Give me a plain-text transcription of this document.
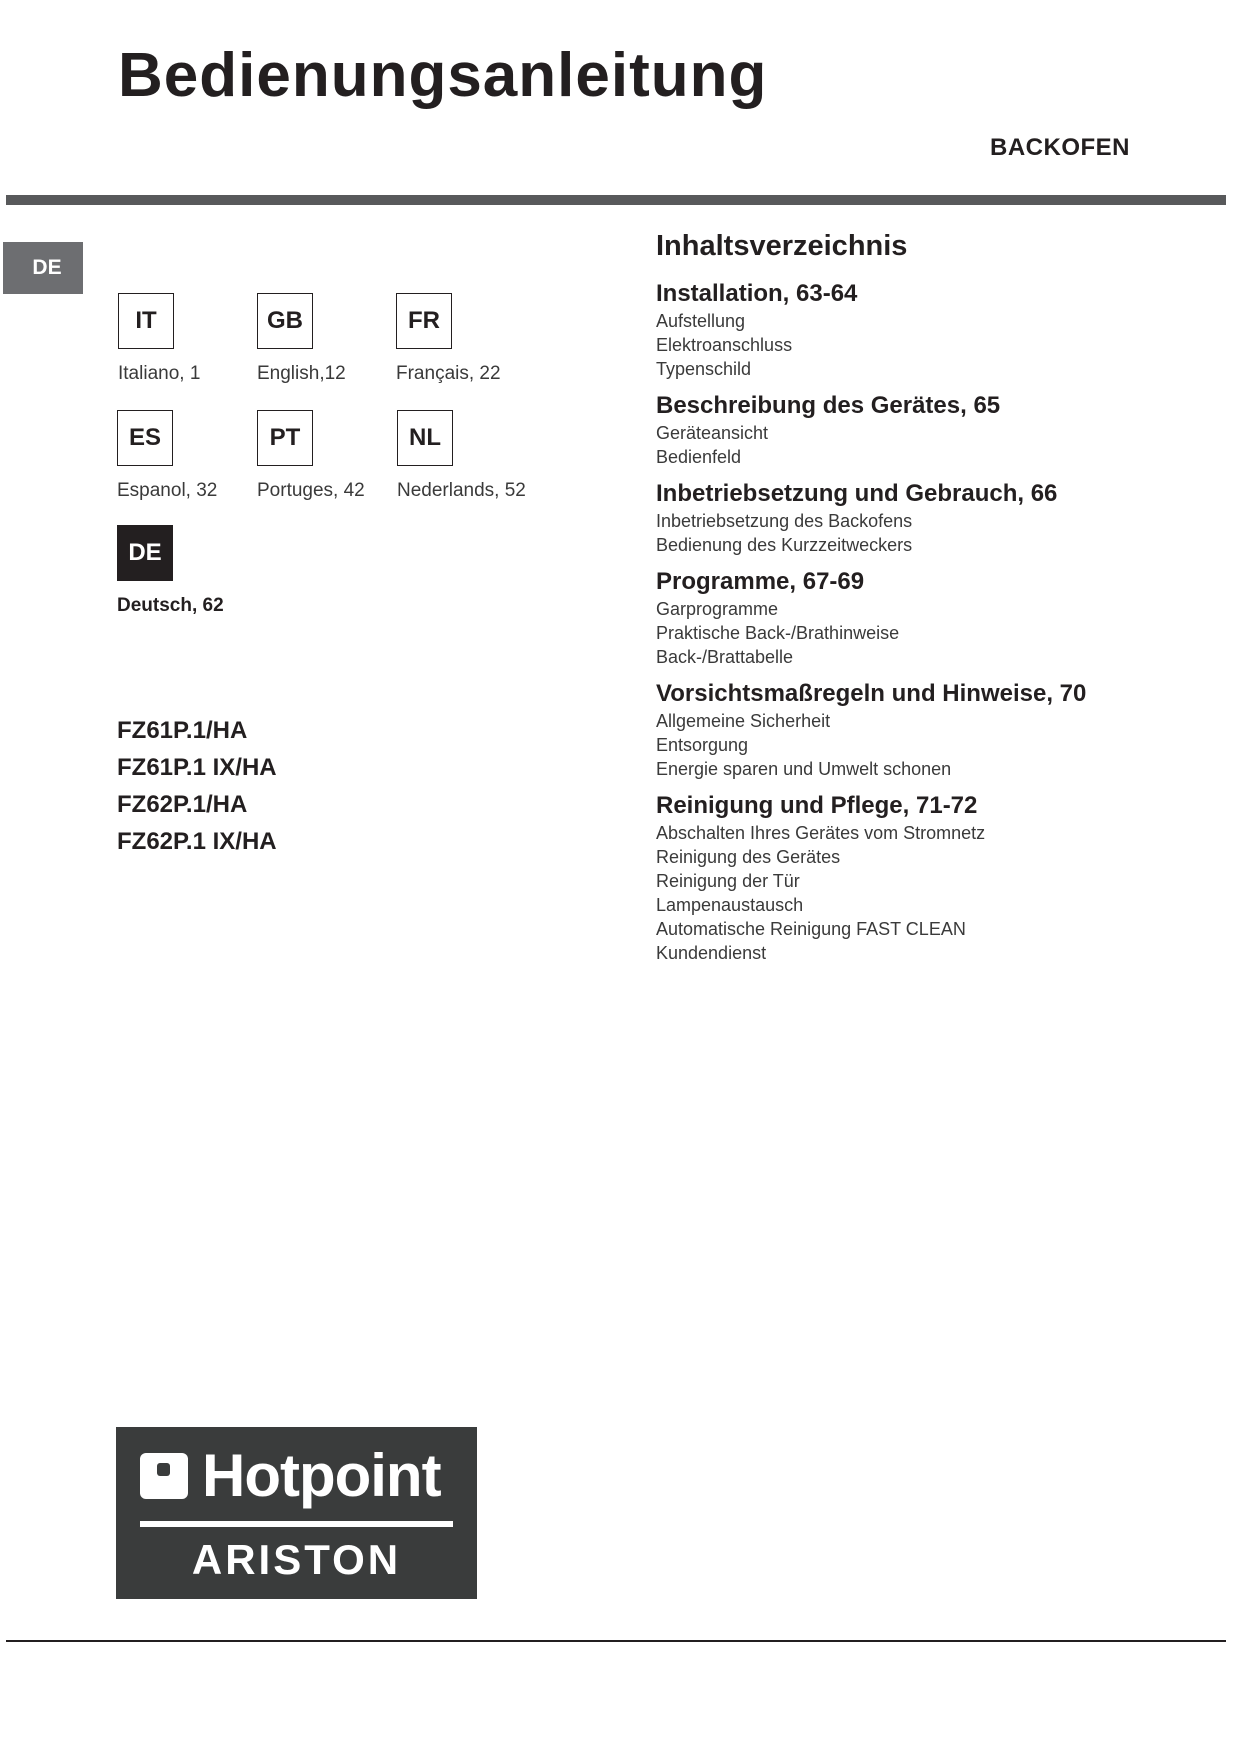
Bedienungsanleitung
BACKOFEN
DE
IT
Italiano, 1
GB
English,12
FR
Français, 22
ES
Espanol, 32
PT
Portuges, 42
NL
Nederlands, 52
DE
Deutsch, 62
FZ61P.1/HA
FZ61P.1 IX/HA
FZ62P.1/HA
FZ62P.1 IX/HA
Inhaltsverzeichnis
Installation, 63-64
Aufstellung
Elektroanschluss
Typenschild
Beschreibung des Gerätes, 65
Geräteansicht
Bedienfeld
Inbetriebsetzung und Gebrauch, 66
Inbetriebsetzung des Backofens
Bedienung des Kurzzeitweckers
Programme, 67-69
Garprogramme
Praktische Back-/Brathinweise
Back-/Brattabelle
Vorsichtsmaßregeln und Hinweise, 70
Allgemeine Sicherheit
Entsorgung
Energie sparen und Umwelt schonen
Reinigung und Pflege, 71-72
Abschalten Ihres Gerätes vom Stromnetz
Reinigung des Gerätes
Reinigung der Tür
Lampenaustausch
Automatische Reinigung FAST CLEAN
Kundendienst
Hotpoint
ARISTON
